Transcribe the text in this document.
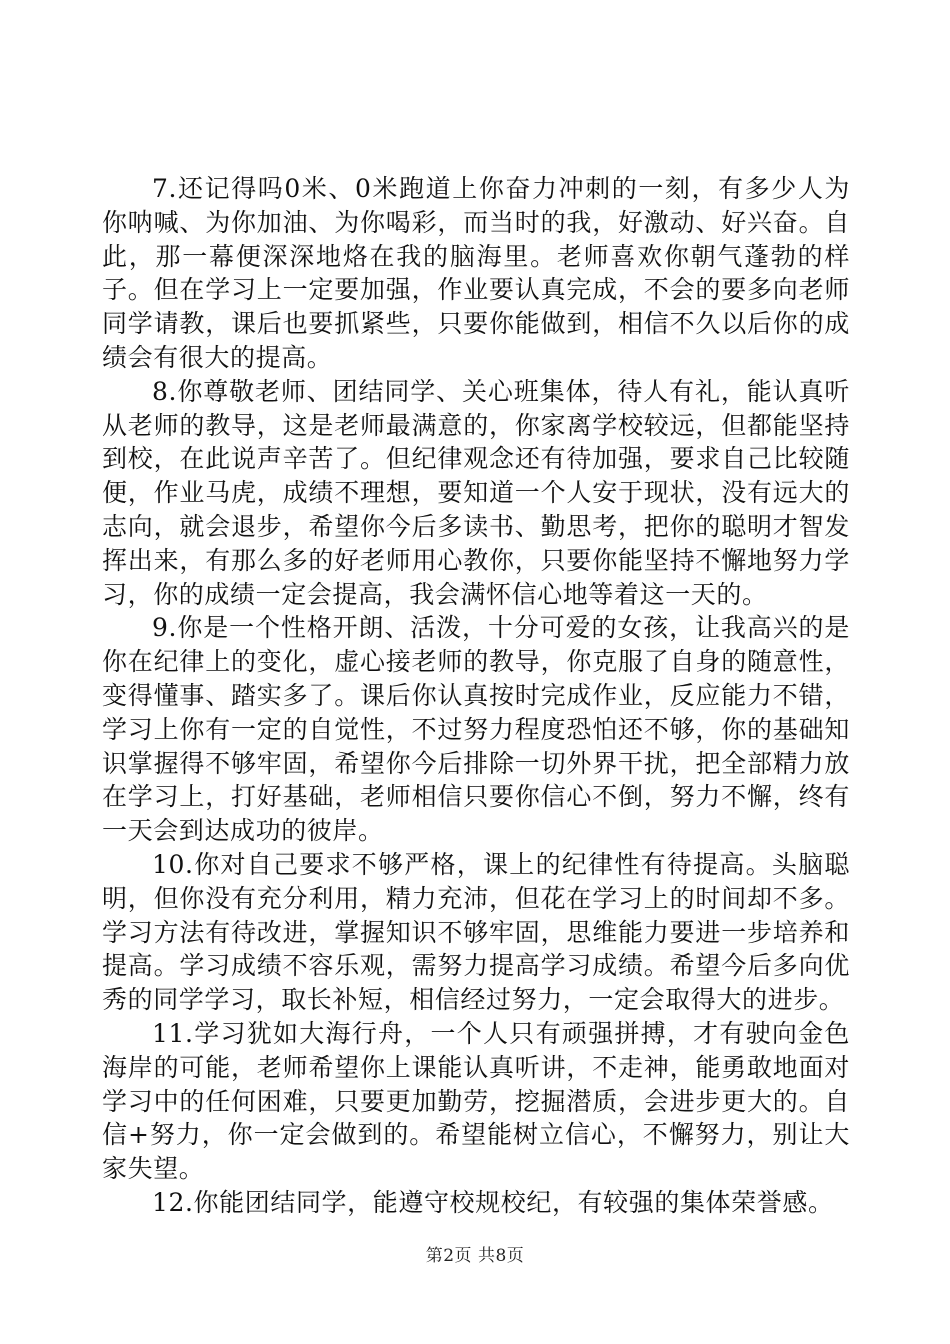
7.还记得吗0米、0米跑道上你奋力冲刺的一刻，有多少人为你呐喊、为你加油、为你喝彩，而当时的我，好激动、好兴奋。自此，那一幕便深深地烙在我的脑海里。老师喜欢你朝气蓬勃的样子。但在学习上一定要加强，作业要认真完成，不会的要多向老师同学请教，课后也要抓紧些，只要你能做到，相信不久以后你的成绩会有很大的提高。

8.你尊敬老师、团结同学、关心班集体，待人有礼，能认真听从老师的教导，这是老师最满意的，你家离学校较远，但都能坚持到校，在此说声辛苦了。但纪律观念还有待加强，要求自己比较随便，作业马虎，成绩不理想，要知道一个人安于现状，没有远大的志向，就会退步，希望你今后多读书、勤思考，把你的聪明才智发挥出来，有那么多的好老师用心教你，只要你能坚持不懈地努力学习，你的成绩一定会提高，我会满怀信心地等着这一天的。

9.你是一个性格开朗、活泼，十分可爱的女孩，让我高兴的是你在纪律上的变化，虚心接老师的教导，你克服了自身的随意性，变得懂事、踏实多了。课后你认真按时完成作业，反应能力不错，学习上你有一定的自觉性，不过努力程度恐怕还不够，你的基础知识掌握得不够牢固，希望你今后排除一切外界干扰，把全部精力放在学习上，打好基础，老师相信只要你信心不倒，努力不懈，终有一天会到达成功的彼岸。

10.你对自己要求不够严格，课上的纪律性有待提高。头脑聪明，但你没有充分利用，精力充沛，但花在学习上的时间却不多。学习方法有待改进，掌握知识不够牢固，思维能力要进一步培养和提高。学习成绩不容乐观，需努力提高学习成绩。希望今后多向优秀的同学学习，取长补短，相信经过努力，一定会取得大的进步。

11.学习犹如大海行舟，一个人只有顽强拼搏，才有驶向金色海岸的可能，老师希望你上课能认真听讲，不走神，能勇敢地面对学习中的任何困难，只要更加勤劳，挖掘潜质，会进步更大的。自信+努力，你一定会做到的。希望能树立信心，不懈努力，别让大家失望。

12.你能团结同学，能遵守校规校纪，有较强的集体荣誉感。

第2页 共8页
